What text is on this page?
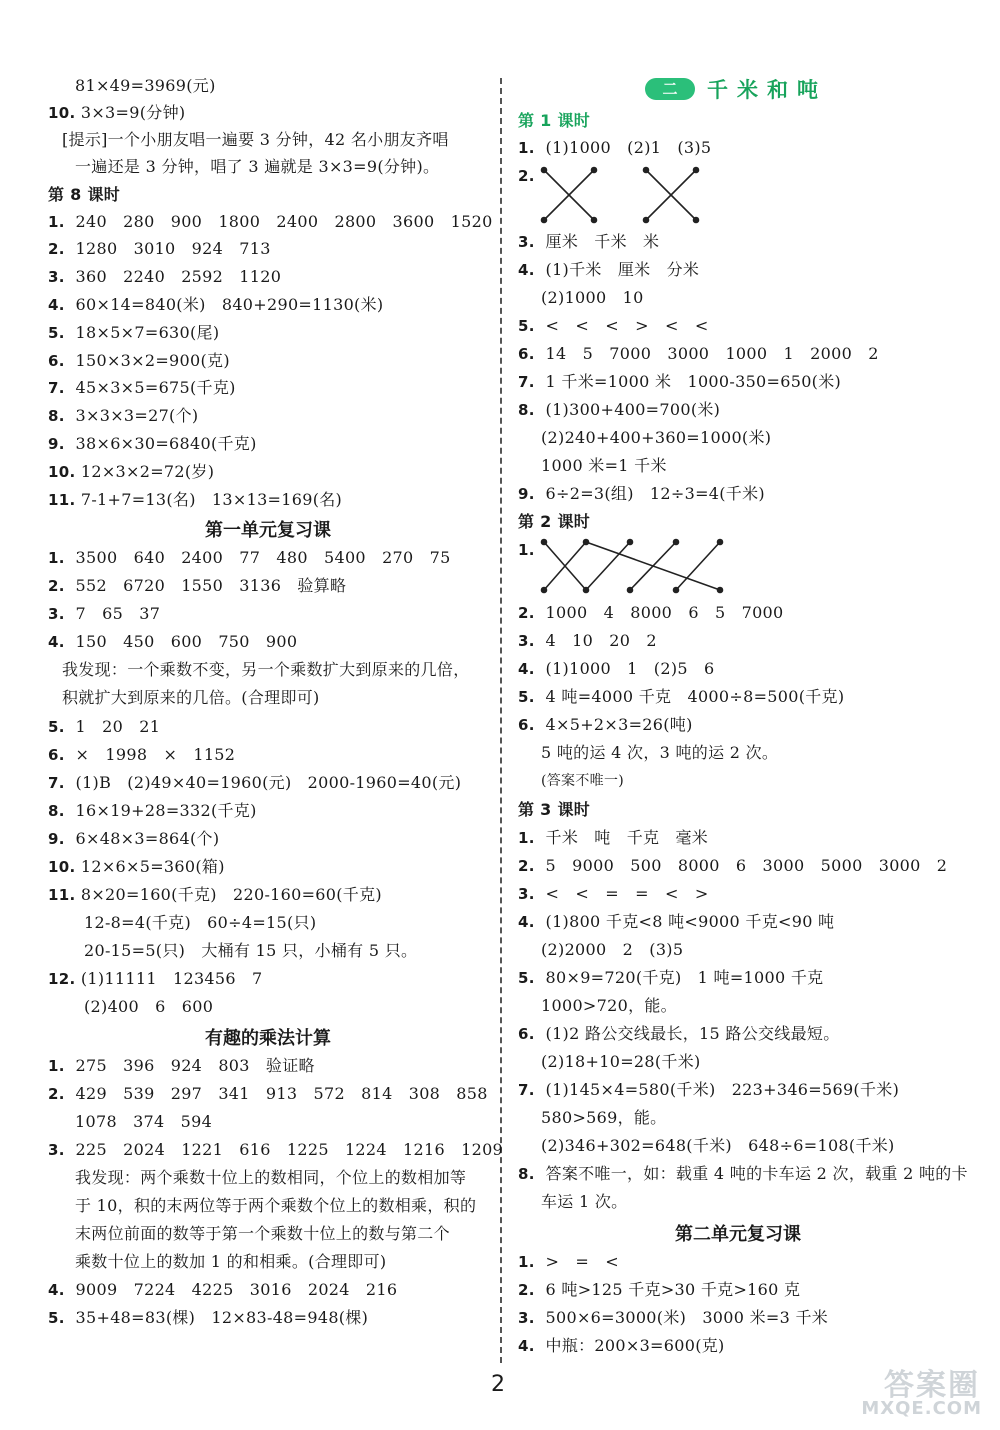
81×49=3969(元)
10. 3×3=9(分钟)
[提示]一个小朋友唱一遍要 3 分钟，42 名小朋友齐唱
一遍还是 3 分钟，唱了 3 遍就是 3×3=9(分钟)。
第 8 课时
1. 240   280   900   1800   2400   2800   3600   1520
2. 1280   3010   924   713
3. 360   2240   2592   1120
4. 60×14=840(米)   840+290=1130(米)
5. 18×5×7=630(尾)
6. 150×3×2=900(克)
7. 45×3×5=675(千克)
8. 3×3×3=27(个)
9. 38×6×30=6840(千克)
10. 12×3×2=72(岁)
11. 7-1+7=13(名)   13×13=169(名)
第一单元复习课
1. 3500   640   2400   77   480   5400   270   75
2. 552   6720   1550   3136   验算略
3. 7   65   37
4. 150   450   600   750   900
我发现：一个乘数不变，另一个乘数扩大到原来的几倍，
积就扩大到原来的几倍。(合理即可)
5. 1   20   21
6. ×   1998   ×   1152
7. (1)B   (2)49×40=1960(元)   2000-1960=40(元)
8. 16×19+28=332(千克)
9. 6×48×3=864(个)
10. 12×6×5=360(箱)
11. 8×20=160(千克)   220-160=60(千克)
12-8=4(千克)   60÷4=15(只)
20-15=5(只)   大桶有 15 只，小桶有 5 只。
12. (1)11111   123456   7
(2)400   6   600
有趣的乘法计算
1. 275   396   924   803   验证略
2. 429   539   297   341   913   572   814   308   858
1078   374   594
3. 225   2024   1221   616   1225   1224   1216   1209
我发现：两个乘数十位上的数相同，个位上的数相加等
于 10，积的末两位等于两个乘数个位上的数相乘，积的
末两位前面的数等于第一个乘数十位上的数与第二个
乘数十位上的数加 1 的和相乘。(合理即可)
4. 9009   7224   4225   3016   2024   216
5. 35+48=83(棵)   12×83-48=948(棵)
二	千米和吨
第 1 课时
1. (1)1000   (2)1   (3)5
2.
3. 厘米   千米   米
4. (1)千米   厘米   分米
(2)1000   10
5. <   <   <   >   <   <
6. 14   5   7000   3000   1000   1   2000   2
7. 1 千米=1000 米   1000-350=650(米)
8. (1)300+400=700(米)
(2)240+400+360=1000(米)
1000 米=1 千米
9. 6÷2=3(组)   12÷3=4(千米)
第 2 课时
1.
2. 1000   4   8000   6   5   7000
3. 4   10   20   2
4. (1)1000   1   (2)5   6
5. 4 吨=4000 千克   4000÷8=500(千克)
6. 4×5+2×3=26(吨)
5 吨的运 4 次，3 吨的运 2 次。
(答案不唯一)
第 3 课时
1. 千米   吨   千克   毫米
2. 5   9000   500   8000   6   3000   5000   3000   2
3. <   <   =   =   <   >
4. (1)800 千克<8 吨<9000 千克<90 吨
(2)2000   2   (3)5
5. 80×9=720(千克)   1 吨=1000 千克
1000>720，能。
6. (1)2 路公交线最长，15 路公交线最短。
(2)18+10=28(千米)
7. (1)145×4=580(千米)   223+346=569(千米)
580>569，能。
(2)346+302=648(千米)   648÷6=108(千米)
8. 答案不唯一，如：载重 4 吨的卡车运 2 次，载重 2 吨的卡
车运 1 次。
第二单元复习课
1. >   =   <
2. 6 吨>125 千克>30 千克>160 克
3. 500×6=3000(米)   3000 米=3 千米
4. 中瓶：200×3=600(克)
2	答案圈
MXQE.COM
